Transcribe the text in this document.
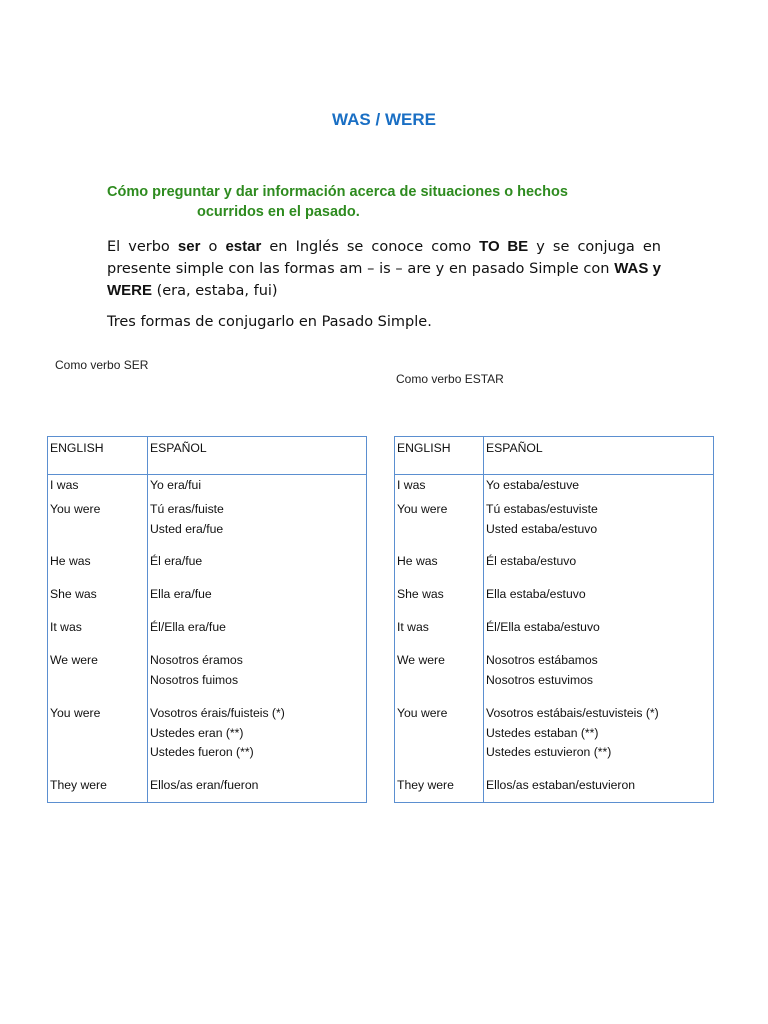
WAS / WERE
Cómo preguntar y dar información acerca de situaciones o hechos
ocurridos en el pasado.
El verbo ser o estar en Inglés se conoce como TO BE y se conjuga en presente simple con las formas am – is – are y en pasado Simple con WAS y WERE (era, estaba, fui)
Tres formas de conjugarlo en Pasado Simple.
Como verbo SER
Como verbo ESTAR
ENGLISH	ESPAÑOL
I was	Yo era/fui

You were	Tú eras/fuiste
Usted era/fue

He was	Él era/fue

She was	Ella era/fue

It was	Él/Ella era/fue

We were	Nosotros éramos
Nosotros fuimos

You were	Vosotros érais/fuisteis (*)
Ustedes eran (**)
Ustedes fueron (**)

They were	Ellos/as eran/fueron
ENGLISH	ESPAÑOL
I was	Yo estaba/estuve

You were	Tú estabas/estuviste
Usted estaba/estuvo

He was	Él estaba/estuvo

She was	Ella estaba/estuvo

It was	Él/Ella estaba/estuvo

We were	Nosotros estábamos
Nosotros estuvimos

You were	Vosotros estábais/estuvisteis (*)
Ustedes estaban (**)
Ustedes estuvieron (**)

They were	Ellos/as estaban/estuvieron
